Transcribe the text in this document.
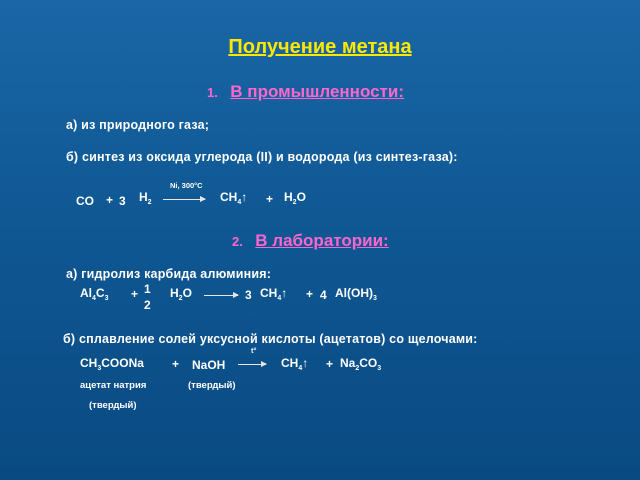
Получение метана
1. В промышленности:
а) из природного газа;
б) синтез из оксида углерода (II) и водорода (из синтез-газа):
Ni, 300°C
CO + 3 $H_2$	$CH_4↑ + H_2O$
2. В лаборатории:
а) гидролиз карбида алюминия:
$Al_4C_3 + 1$
2
$H_2O$	3 $CH_4↑ + 4$ $Al(OH)_3$
б) сплавление солей уксусной кислоты (ацетатов) со щелочами:
t°
$CH_3COONa$ + NaOH	$CH_4↑ + Na_2CO_3$
ацетат натрия	(твердый)
(твердый)
